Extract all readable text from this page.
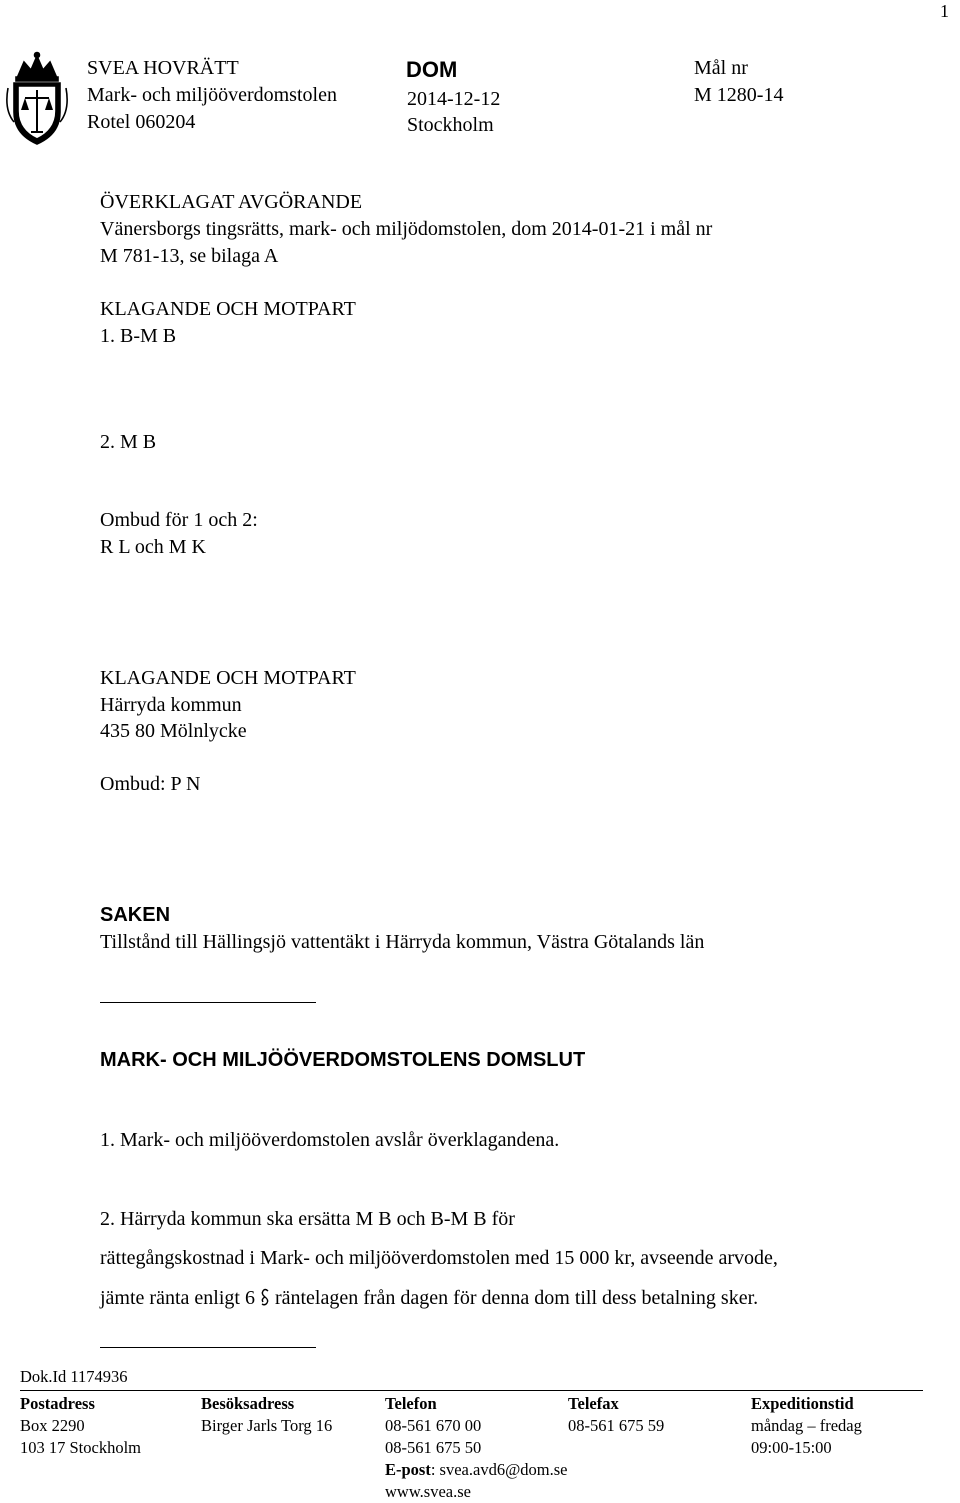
1
SVEA HOVRÄTT
Mark- och miljööverdomstolen
Rotel 060204
DOM
2014-12-12
Stockholm
Mål nr
M 1280-14
ÖVERKLAGAT AVGÖRANDE
Vänersborgs tingsrätts, mark- och miljödomstolen, dom 2014-01-21 i mål nr
M 781-13, se bilaga A
KLAGANDE OCH MOTPART
1. B-M B
2. M B
Ombud för 1 och 2:
R L och M K
KLAGANDE OCH MOTPART
Härryda kommun
435 80 Mölnlycke
Ombud: P N
SAKEN
Tillstånd till Hällingsjö vattentäkt i Härryda kommun, Västra Götalands län
MARK- OCH MILJÖÖVERDOMSTOLENS DOMSLUT
1. Mark- och miljööverdomstolen avslår överklagandena.
2. Härryda kommun ska ersätta M B och B-M B för
rättegångskostnad i Mark- och miljööverdomstolen med 15 000 kr, avseende arvode,
jämte ränta enligt 6 räntelagen från dagen för denna dom till dess betalning sker.
Dok.Id 1174936
Postadress
Box 2290
103 17 Stockholm
Besöksadress
Birger Jarls Torg 16
Telefon
08-561 670 00
08-561 675 50
E-post: svea.avd6@dom.se
www.svea.se
Telefax
08-561 675 59
Expeditionstid
måndag – fredag
09:00-15:00
